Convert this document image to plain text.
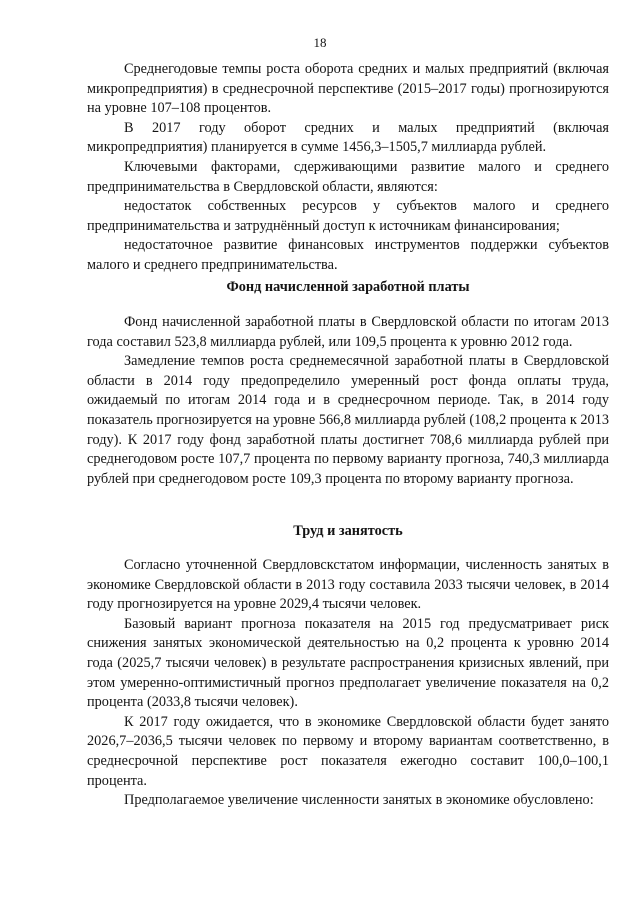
18

Среднегодовые темпы роста оборота средних и малых предприятий (включая микропредприятия) в среднесрочной перспективе (2015–2017 годы) прогнозируются на уровне 107–108 процентов.

В 2017 году оборот средних и малых предприятий (включая микропредприятия) планируется в сумме 1456,3–1505,7 миллиарда рублей.

Ключевыми факторами, сдерживающими развитие малого и среднего предпринимательства в Свердловской области, являются:

недостаток собственных ресурсов у субъектов малого и среднего предпринимательства и затруднённый доступ к источникам финансирования;

недостаточное развитие финансовых инструментов поддержки субъектов малого и среднего предпринимательства.

Фонд начисленной заработной платы

Фонд начисленной заработной платы в Свердловской области по итогам 2013 года составил 523,8 миллиарда рублей, или 109,5 процента к уровню 2012 года.

Замедление темпов роста среднемесячной заработной платы в Свердловской области в 2014 году предопределило умеренный рост фонда оплаты труда, ожидаемый по итогам 2014 года и в среднесрочном периоде. Так, в 2014 году показатель прогнозируется на уровне 566,8 миллиарда рублей (108,2 процента к 2013 году). К 2017 году фонд заработной платы достигнет 708,6 миллиарда рублей при среднегодовом росте 107,7 процента по первому варианту прогноза, 740,3 миллиарда рублей при среднегодовом росте 109,3 процента по второму варианту прогноза.

Труд и занятость

Согласно уточненной Свердловскстатом информации, численность занятых в экономике Свердловской области в 2013 году составила 2033 тысячи человек, в 2014 году прогнозируется на уровне 2029,4 тысячи человек.

Базовый вариант прогноза показателя на 2015 год предусматривает риск снижения занятых экономической деятельностью на 0,2 процента к уровню 2014 года (2025,7 тысячи человек) в результате распространения кризисных явлений, при этом умеренно-оптимистичный прогноз предполагает увеличение показателя на 0,2 процента (2033,8 тысячи человек).

К 2017 году ожидается, что в экономике Свердловской области будет занято 2026,7–2036,5 тысячи человек по первому и второму вариантам соответственно, в среднесрочной перспективе рост показателя ежегодно составит 100,0–100,1 процента.

Предполагаемое увеличение численности занятых в экономике обусловлено:
